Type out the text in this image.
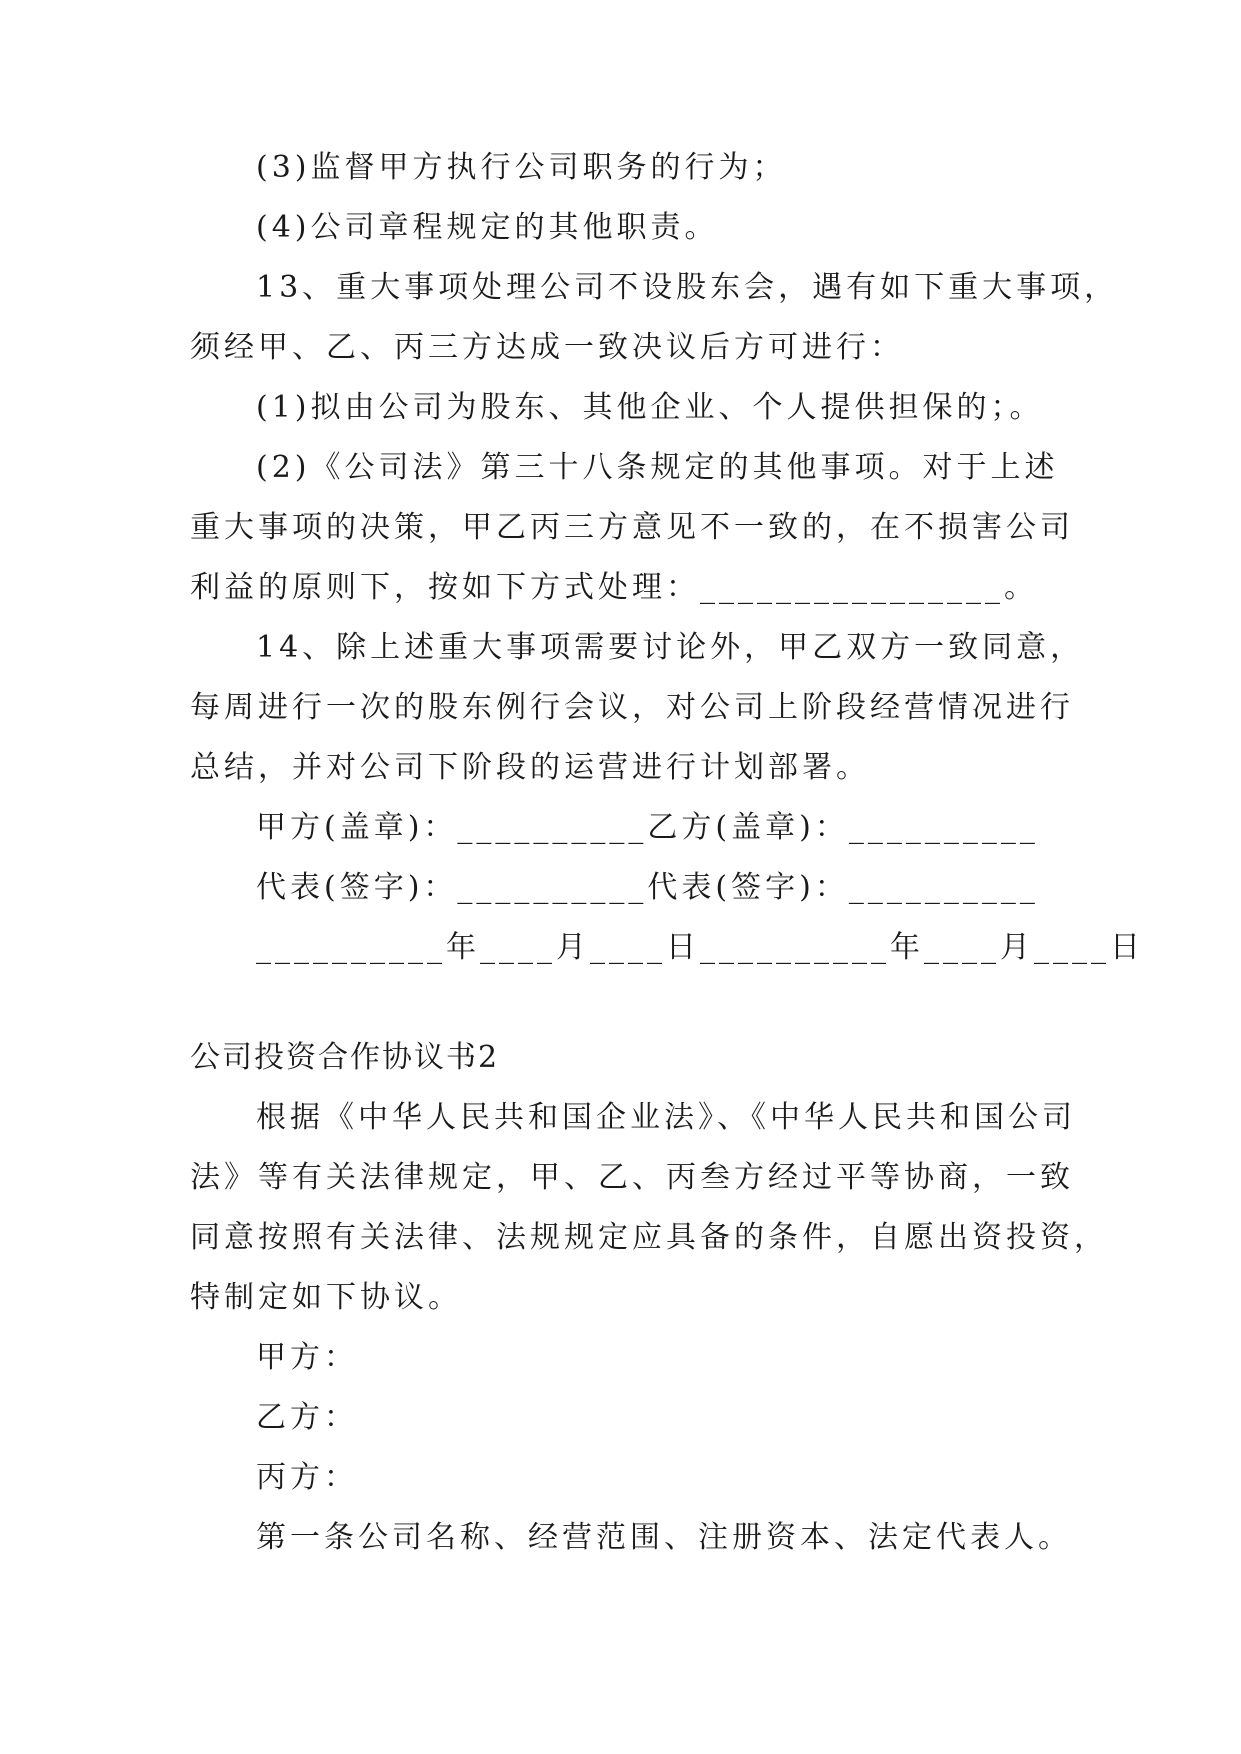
(3)监督甲方执行公司职务的行为；
(4)公司章程规定的其他职责。
13、重大事项处理公司不设股东会，遇有如下重大事项，
须经甲、乙、丙三方达成一致决议后方可进行：
(1)拟由公司为股东、其他企业、个人提供担保的；。
(2)《公司法》第三十八条规定的其他事项。对于上述
重大事项的决策，甲乙丙三方意见不一致的，在不损害公司
利益的原则下，按如下方式处理：________________。
14、除上述重大事项需要讨论外，甲乙双方一致同意，
每周进行一次的股东例行会议，对公司上阶段经营情况进行
总结，并对公司下阶段的运营进行计划部署。
甲方(盖章)：__________乙方(盖章)：__________
代表(签字)：__________代表(签字)：__________
__________年____月____日__________年____月____日
公司投资合作协议书2
根据《中华人民共和国企业法》、《中华人民共和国公司
法》等有关法律规定，甲、乙、丙叁方经过平等协商，一致
同意按照有关法律、法规规定应具备的条件，自愿出资投资，
特制定如下协议。
甲方：
乙方：
丙方：
第一条公司名称、经营范围、注册资本、法定代表人。
